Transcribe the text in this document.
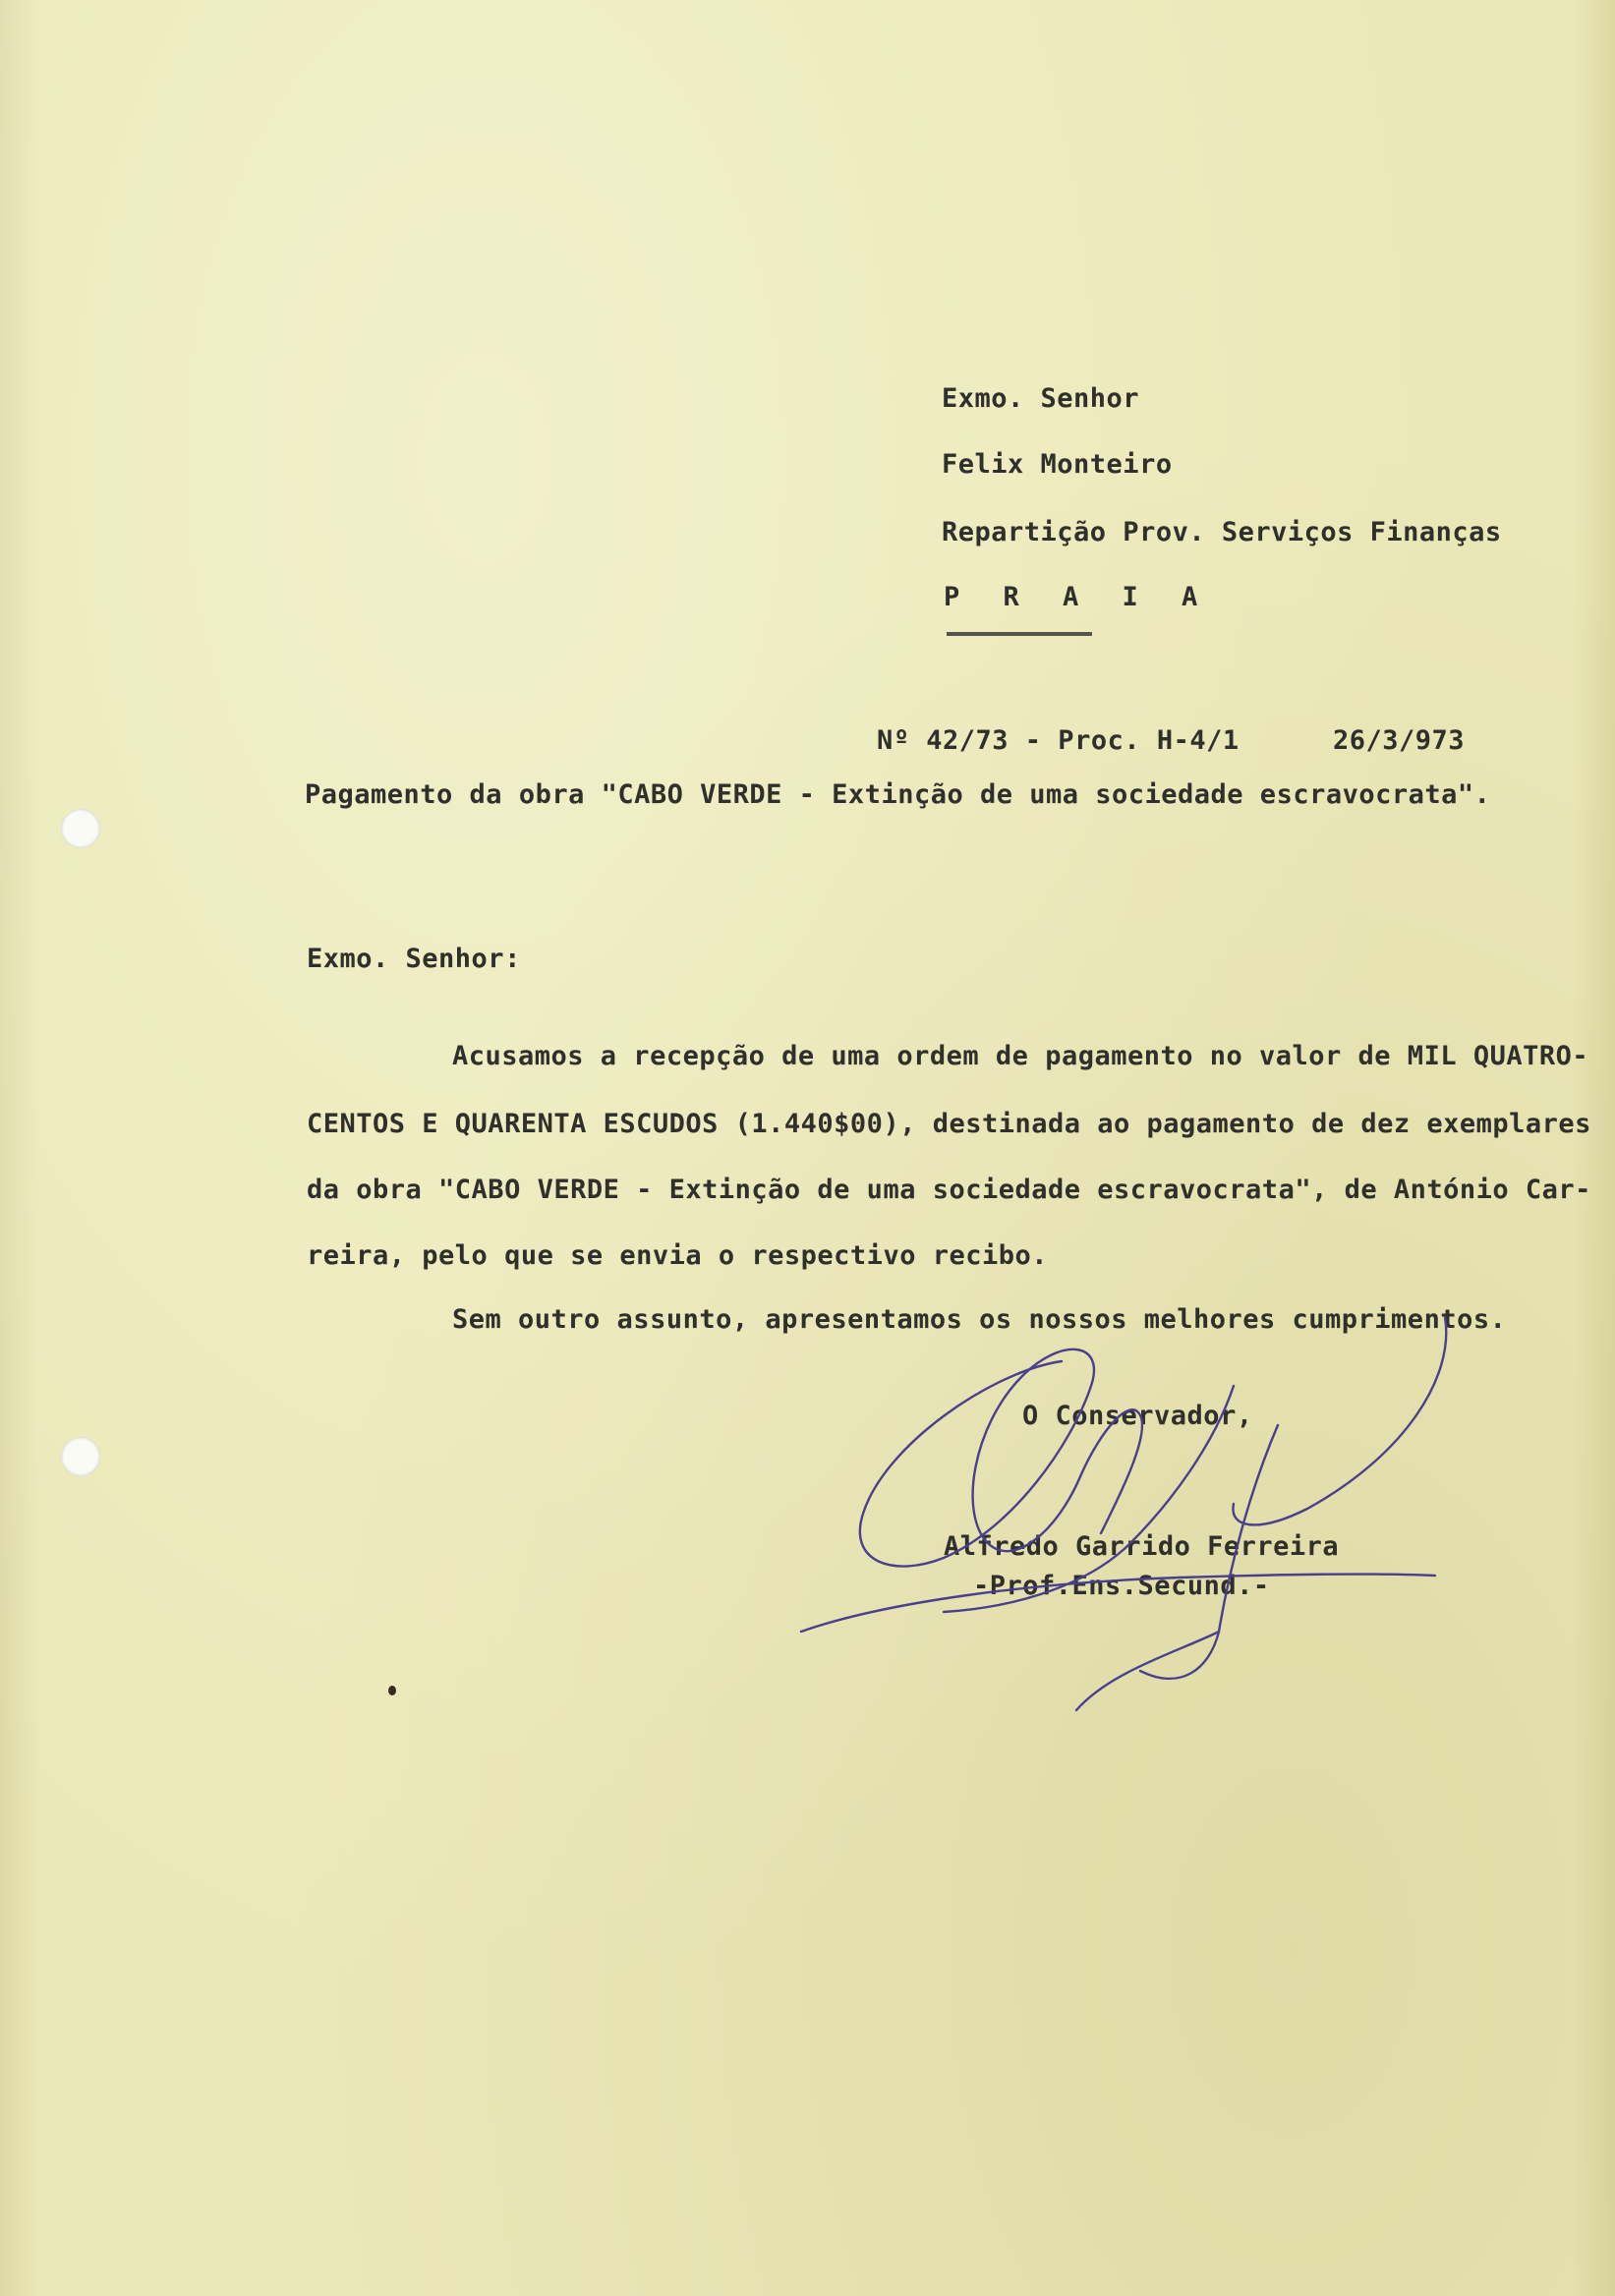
Exmo. Senhor
Felix Monteiro
Repartição Prov. Serviços Finanças
P R A I A
Nº 42/73 - Proc. H-4/1	26/3/973
Pagamento da obra "CABO VERDE - Extinção de uma sociedade escravocrata".
Exmo. Senhor:
Acusamos a recepção de uma ordem de pagamento no valor de MIL QUATRO-
CENTOS E QUARENTA ESCUDOS (1.440$00), destinada ao pagamento de dez exemplares
da obra "CABO VERDE - Extinção de uma sociedade escravocrata", de António Car-
reira, pelo que se envia o respectivo recibo.
Sem outro assunto, apresentamos os nossos melhores cumprimentos.
O Conservador,
Alfredo Garrido Ferreira
-Prof.Ens.Secund.-
